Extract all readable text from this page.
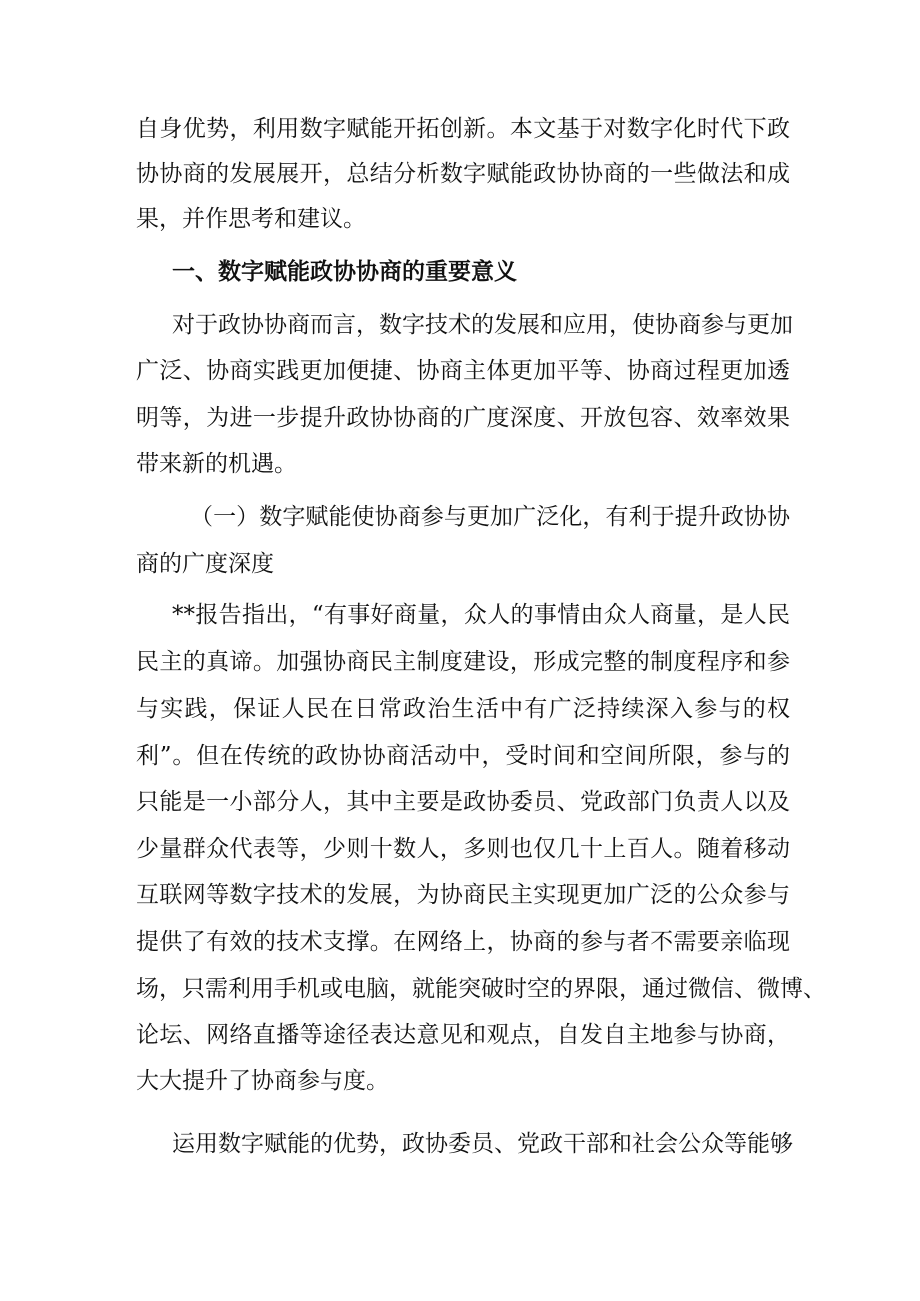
自身优势，利用数字赋能开拓创新。本文基于对数字化时代下政
协协商的发展展开，总结分析数字赋能政协协商的一些做法和成
果，并作思考和建议。
一、数字赋能政协协商的重要意义
对于政协协商而言，数字技术的发展和应用，使协商参与更加
广泛、协商实践更加便捷、协商主体更加平等、协商过程更加透
明等，为进一步提升政协协商的广度深度、开放包容、效率效果
带来新的机遇。
（一）数字赋能使协商参与更加广泛化，有利于提升政协协
商的广度深度
**报告指出，“有事好商量，众人的事情由众人商量，是人民
民主的真谛。加强协商民主制度建设，形成完整的制度程序和参
与实践，保证人民在日常政治生活中有广泛持续深入参与的权
利”。但在传统的政协协商活动中，受时间和空间所限，参与的
只能是一小部分人，其中主要是政协委员、党政部门负责人以及
少量群众代表等，少则十数人，多则也仅几十上百人。随着移动
互联网等数字技术的发展，为协商民主实现更加广泛的公众参与
提供了有效的技术支撑。在网络上，协商的参与者不需要亲临现
场，只需利用手机或电脑，就能突破时空的界限，通过微信、微博、
论坛、网络直播等途径表达意见和观点，自发自主地参与协商，
大大提升了协商参与度。
运用数字赋能的优势，政协委员、党政干部和社会公众等能够
